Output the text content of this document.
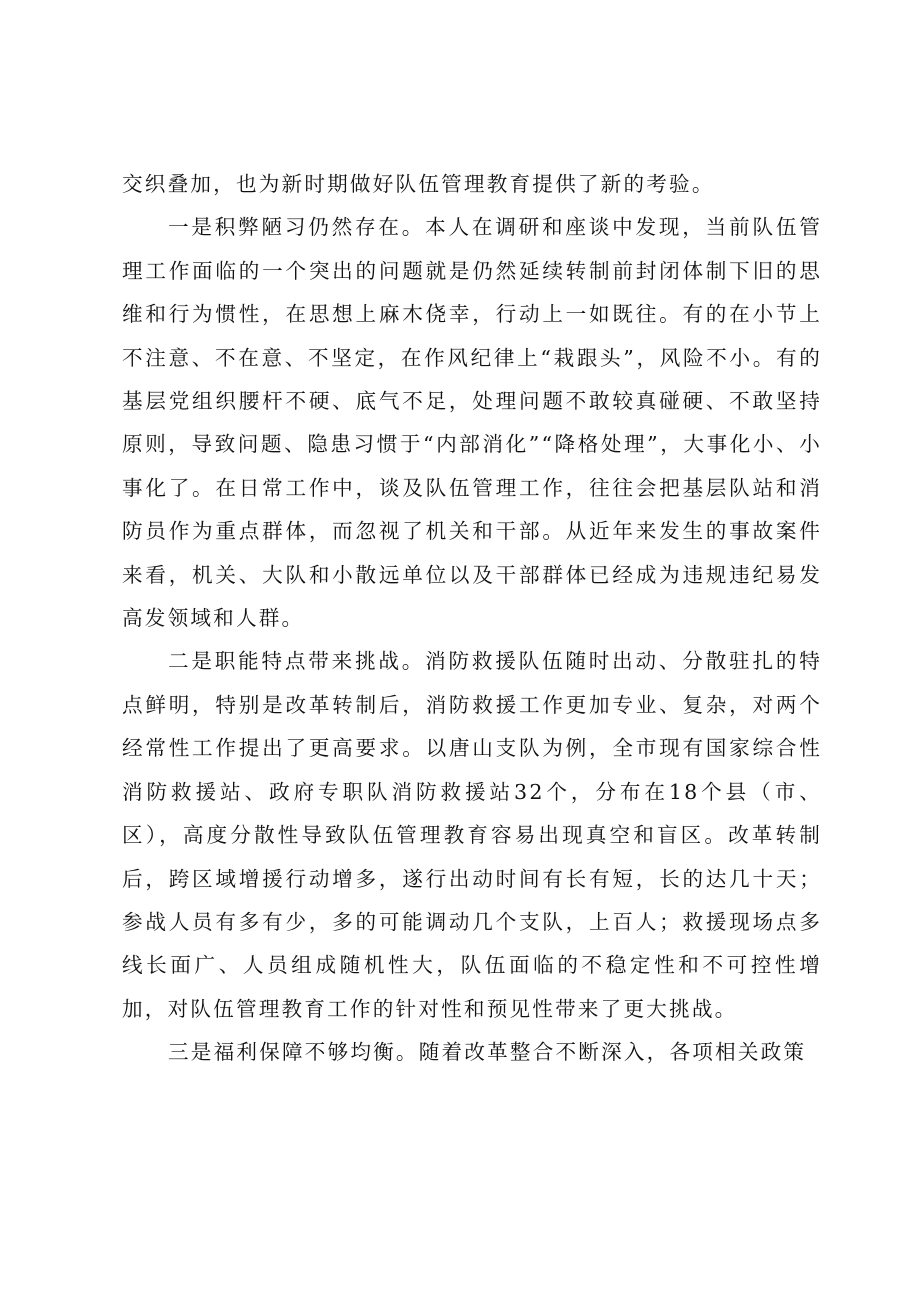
交织叠加，也为新时期做好队伍管理教育提供了新的考验。

一是积弊陋习仍然存在。本人在调研和座谈中发现，当前队伍管理工作面临的一个突出的问题就是仍然延续转制前封闭体制下旧的思维和行为惯性，在思想上麻木侥幸，行动上一如既往。有的在小节上不注意、不在意、不坚定，在作风纪律上“栽跟头”，风险不小。有的基层党组织腰杆不硬、底气不足，处理问题不敢较真碰硬、不敢坚持原则，导致问题、隐患习惯于“内部消化”“降格处理”，大事化小、小事化了。在日常工作中，谈及队伍管理工作，往往会把基层队站和消防员作为重点群体，而忽视了机关和干部。从近年来发生的事故案件来看，机关、大队和小散远单位以及干部群体已经成为违规违纪易发高发领域和人群。

二是职能特点带来挑战。消防救援队伍随时出动、分散驻扎的特点鲜明，特别是改革转制后，消防救援工作更加专业、复杂，对两个经常性工作提出了更高要求。以唐山支队为例，全市现有国家综合性消防救援站、政府专职队消防救援站32个，分布在18个县（市、区），高度分散性导致队伍管理教育容易出现真空和盲区。改革转制后，跨区域增援行动增多，遂行出动时间有长有短，长的达几十天；参战人员有多有少，多的可能调动几个支队，上百人；救援现场点多线长面广、人员组成随机性大，队伍面临的不稳定性和不可控性增加，对队伍管理教育工作的针对性和预见性带来了更大挑战。

三是福利保障不够均衡。随着改革整合不断深入，各项相关政策
